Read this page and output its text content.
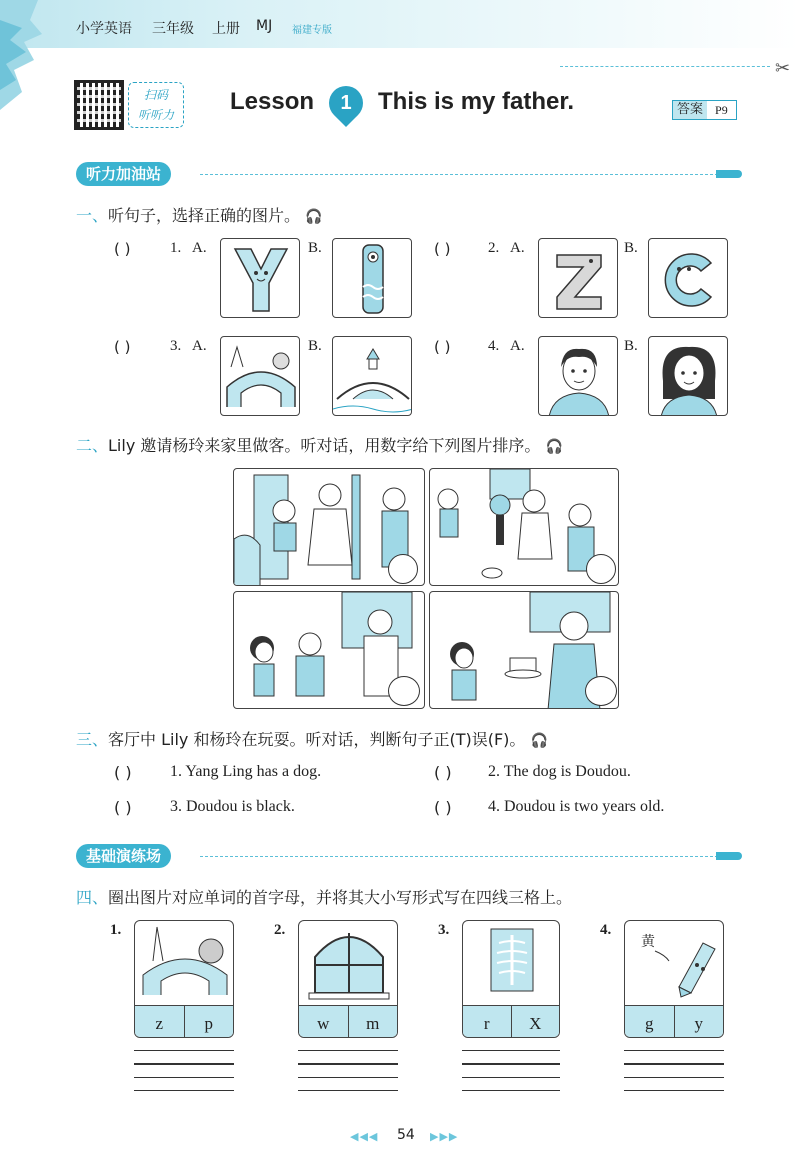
小学英语 三年级 上册 MJ 福建专版
✂
扫码
听听力	Lesson	1	This is my father.	答案	P9
听力加油站
一、听句子，选择正确的图片。 🎧
( )	1. A.	B.	( )	2. A.	B.
( )	3. A.	B.	( )	4. A.	B.
二、Lily 邀请杨玲来家里做客。听对话，用数字给下列图片排序。 🎧
三、客厅中 Lily 和杨玲在玩耍。听对话，判断句子正(T)误(F)。 🎧
( ) 1. Yang Ling has a dog.	( ) 2. The dog is Doudou.
( ) 3. Doudou is black.	( ) 4. Doudou is two years old.
基础演练场
四、圈出图片对应单词的首字母，并将其大小写形式写在四线三格上。
1.
z	p
2.
w	m
3.
r	X
4.
黄
g	y
◀◀◀ 54 ▶▶▶
